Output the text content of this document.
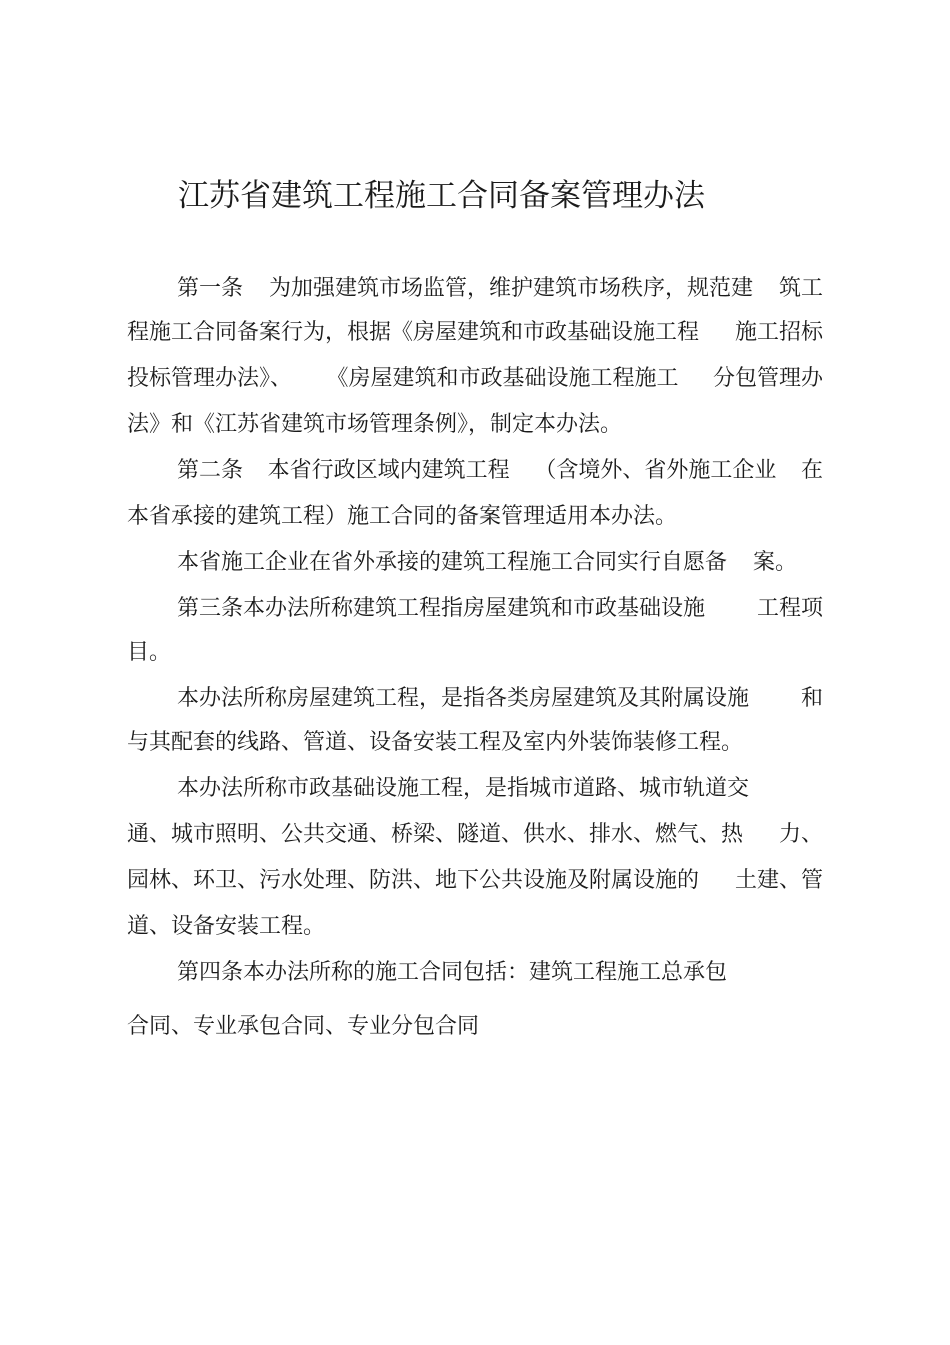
江苏省建筑工程施工合同备案管理办法
第一条 为加强建筑市场监管，维护建筑市场秩序，规范建 筑工
程施工合同备案行为，根据《房屋建筑和市政基础设施工程 施工招标
投标管理办法》、 《房屋建筑和市政基础设施工程施工 分包管理办
法》和《江苏省建筑市场管理条例》，制定本办法。
第二条 本省行政区域内建筑工程 （含境外、省外施工企业 在
本省承接的建筑工程）施工合同的备案管理适用本办法。
本省施工企业在省外承接的建筑工程施工合同实行自愿备 案。
第三条本办法所称建筑工程指房屋建筑和市政基础设施 工程项
目。
本办法所称房屋建筑工程，是指各类房屋建筑及其附属设施 和
与其配套的线路、管道、设备安装工程及室内外装饰装修工程。
本办法所称市政基础设施工程，是指城市道路、城市轨道交
通、城市照明、公共交通、桥梁、隧道、供水、排水、燃气、热 力、
园林、环卫、污水处理、防洪、地下公共设施及附属设施的 土建、管
道、设备安装工程。
第四条本办法所称的施工合同包括：建筑工程施工总承包
合同、专业承包合同、专业分包合同
